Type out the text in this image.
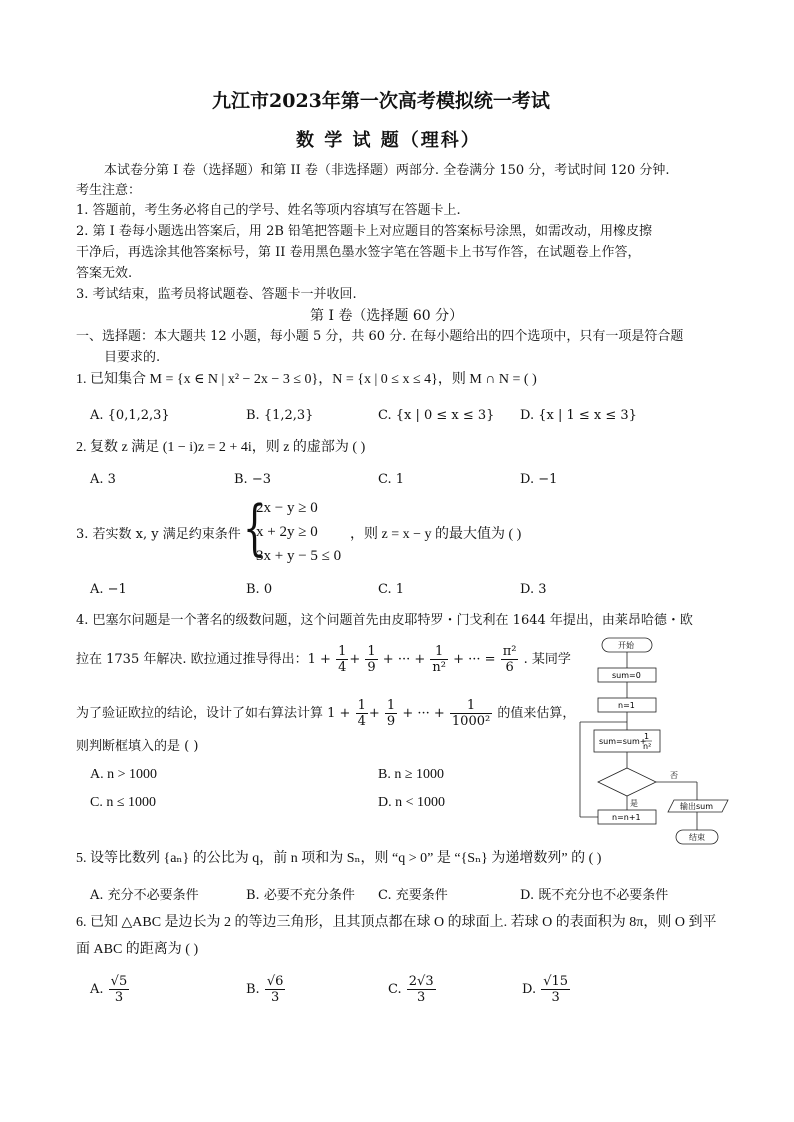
九江市2023年第一次高考模拟统一考试
数 学 试 题（理科）
本试卷分第 I 卷（选择题）和第 II 卷（非选择题）两部分. 全卷满分 150 分，考试时间 120 分钟.
考生注意：
1. 答题前，考生务必将自己的学号、姓名等项内容填写在答题卡上.
2. 第 I 卷每小题选出答案后，用 2B 铅笔把答题卡上对应题目的答案标号涂黑，如需改动，用橡皮擦
干净后，再选涂其他答案标号，第 II 卷用黑色墨水签字笔在答题卡上书写作答，在试题卷上作答，
答案无效.
3. 考试结束，监考员将试题卷、答题卡一并收回.
第 I 卷（选择题 60 分）
一、选择题：本大题共 12 小题，每小题 5 分，共 60 分. 在每小题给出的四个选项中，只有一项是符合题
目要求的.
1. 已知集合 M = {x ∈ N | x² − 2x − 3 ≤ 0}，N = {x | 0 ≤ x ≤ 4}，则 M ∩ N = ( )
A. {0,1,2,3}	B. {1,2,3}	C. {x | 0 ≤ x ≤ 3} D. {x | 1 ≤ x ≤ 3}
2. 复数 z 满足 (1 − i)z = 2 + 4i，则 z 的虚部为 ( )
A. 3	B. −3	C. 1	D. −1
3. 若实数 x, y 满足约束条件 {
2x − y ≥ 0
x + 2y ≥ 0
3x + y − 5 ≤ 0
，则 z = x − y 的最大值为 ( )
A. −1	B. 0	C. 1	D. 3
4. 巴塞尔问题是一个著名的级数问题，这个问题首先由皮耶特罗・门戈利在 1644 年提出，由莱昂哈德・欧
拉在 1735 年解决. 欧拉通过推导得出：$1 + \frac{1}{4} + \frac{1}{9}$ + ··· + $\frac{1}{\text{n²}}$ + ··· = $\frac{\text{π²}}{6}$ . 某同学
为了验证欧拉的结论，设计了如右算法计算 $1 + \frac{1}{4} + \frac{1}{9}$ + ··· + $\frac{1}{\text{1000²}}$ 的值来估算，
则判断框填入的是 ( )
A. n > 1000	B. n ≥ 1000
C. n ≤ 1000	D. n < 1000
开始
sum=0
n=1
sum=sum+
1
n²
否
是
n=n+1
输出sum
结束
5. 设等比数列 {aₙ} 的公比为 q，前 n 项和为 Sₙ，则 “q > 0” 是 “{Sₙ} 为递增数列” 的 ( )
A. 充分不必要条件	B. 必要不充分条件 C. 充要条件	D. 既不充分也不必要条件
6. 已知 △ABC 是边长为 2 的等边三角形，且其顶点都在球 O 的球面上. 若球 O 的表面积为 8π，则 O 到平
面 ABC 的距离为 ( )
A. $\frac{√5}{3}$	B. $\frac{√6}{3}$	C. $\frac{2√3}{3}$	D. $\frac{√15}{3}$
